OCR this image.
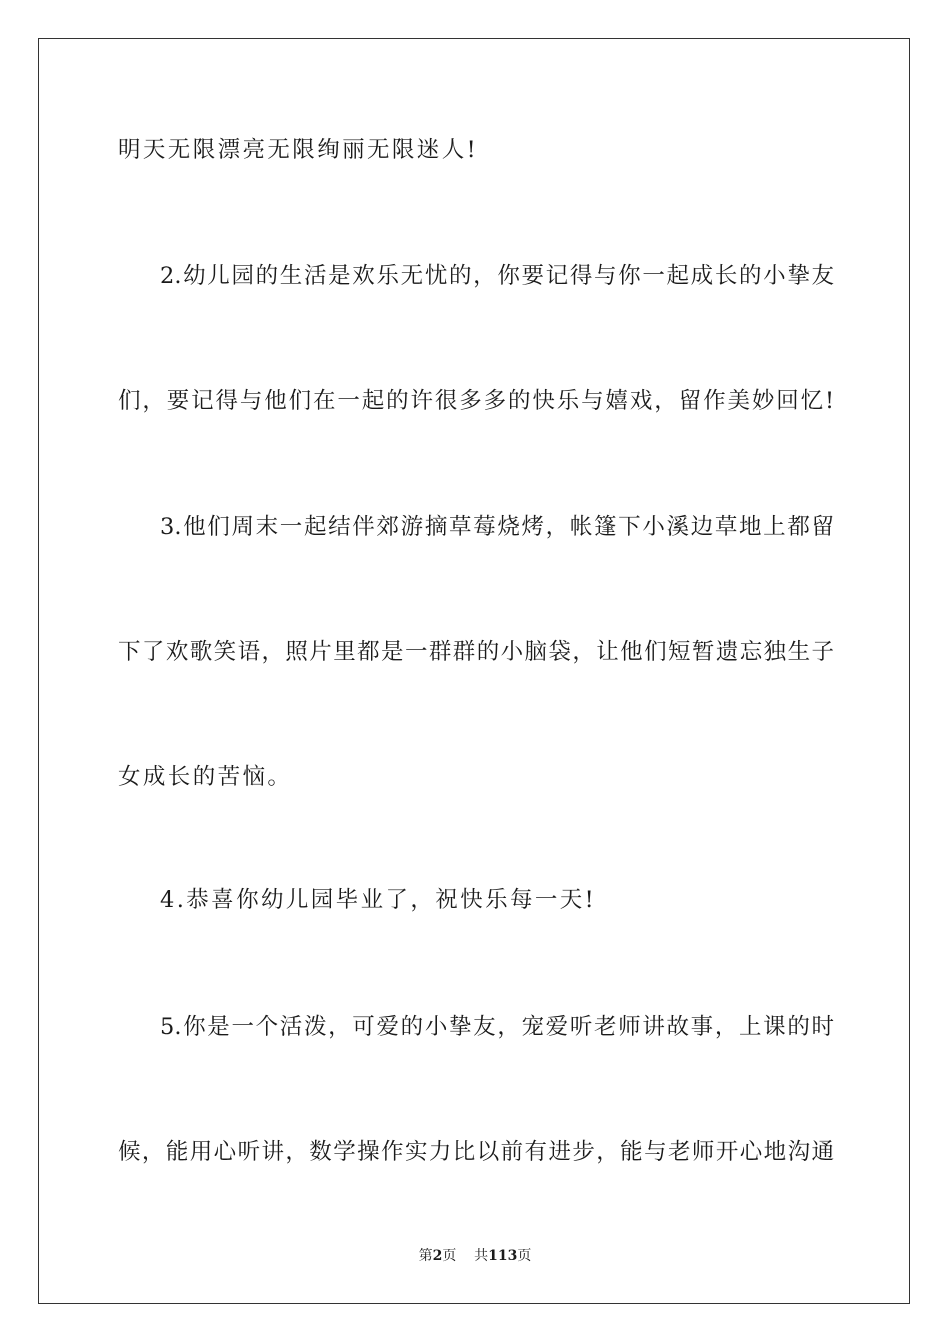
明天无限漂亮无限绚丽无限迷人!
2.幼儿园的生活是欢乐无忧的，你要记得与你一起成长的小挚友
们，要记得与他们在一起的许很多多的快乐与嬉戏，留作美妙回忆!
3.他们周末一起结伴郊游摘草莓烧烤，帐篷下小溪边草地上都留
下了欢歌笑语，照片里都是一群群的小脑袋，让他们短暂遗忘独生子
女成长的苦恼。
4.恭喜你幼儿园毕业了，祝快乐每一天!
5.你是一个活泼，可爱的小挚友，宠爱听老师讲故事，上课的时
候，能用心听讲，数学操作实力比以前有进步，能与老师开心地沟通
第2页 共113页
